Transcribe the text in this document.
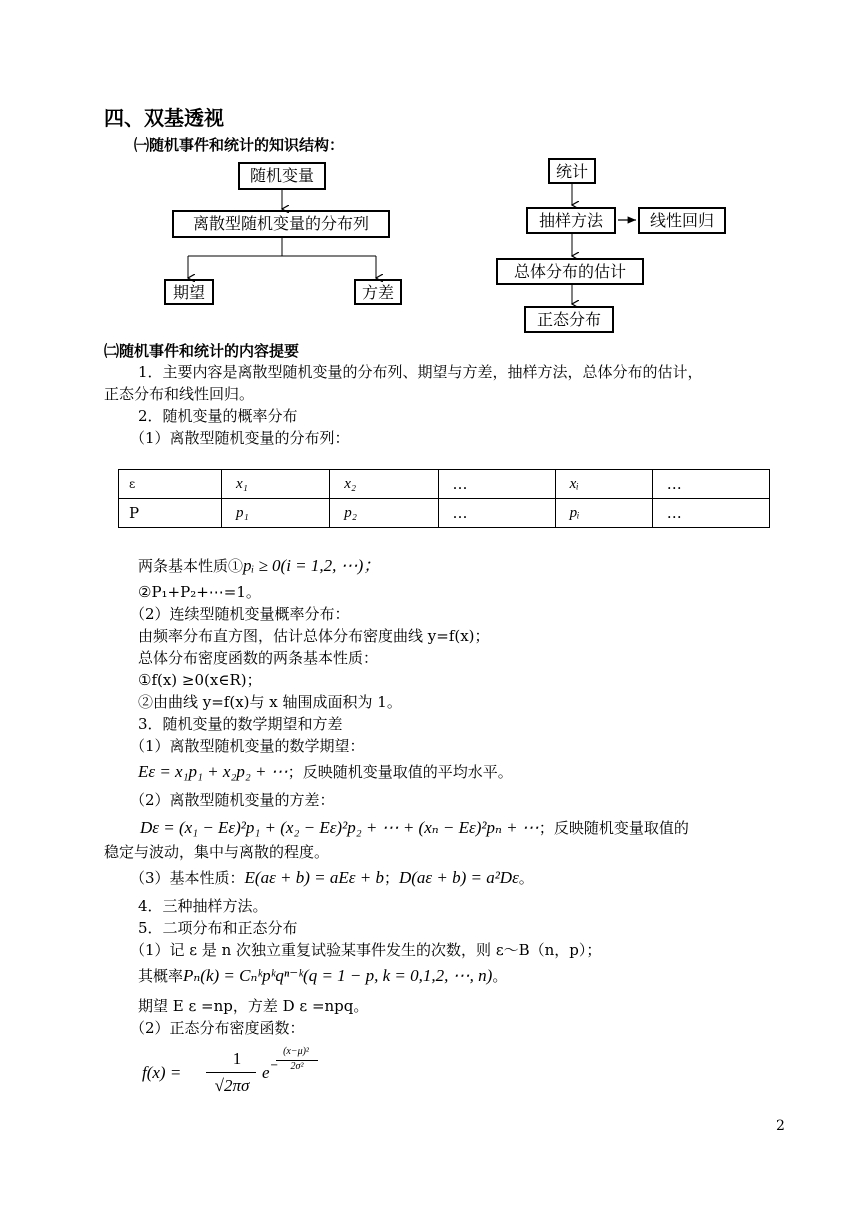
四、双基透视
㈠随机事件和统计的知识结构：
随机变量
离散型随机变量的分布列
期望	方差
统计
抽样方法	线性回归
总体分布的估计
正态分布
㈡随机事件和统计的内容提要
1．主要内容是离散型随机变量的分布列、期望与方差，抽样方法，总体分布的估计，
正态分布和线性回归。
2．随机变量的概率分布
（1）离散型随机变量的分布列：
ε	x₁	x₂	…	xᵢ	…
P	p₁	p₂	…	pᵢ	…
两条基本性质①pᵢ ≥ 0(i = 1,2, ⋯)；
②P₁+P₂+⋯=1。
（2）连续型随机变量概率分布：
由频率分布直方图，估计总体分布密度曲线 y=f(x)；
总体分布密度函数的两条基本性质：
①f(x) ≥0(x∈R)；
②由曲线 y=f(x)与 x 轴围成面积为 1。
3．随机变量的数学期望和方差
（1）离散型随机变量的数学期望：
Eε = x₁p₁ + x₂p₂ + ⋯；反映随机变量取值的平均水平。
（2）离散型随机变量的方差：
Dε = (x₁ − Eε)²p₁ + (x₂ − Eε)²p₂ + ⋯ + (xₙ − Eε)²pₙ + ⋯；反映随机变量取值的
稳定与波动，集中与离散的程度。
（3）基本性质：E(aε + b) = aEε + b；D(aε + b) = a²Dε。
4．三种抽样方法。
5．二项分布和正态分布
（1）记 ε 是 n 次独立重复试验某事件发生的次数，则 ε～B（n，p）；
其概率Pₙ(k) = Cₙᵏpᵏqⁿ⁻ᵏ(q = 1 − p, k = 0,1,2, ⋯, n)。
期望 E ε =np，方差 D ε =npq。
（2）正态分布密度函数：
f(x) =
1
√2πσ
e
(x−μ)²
−	2σ²
2
